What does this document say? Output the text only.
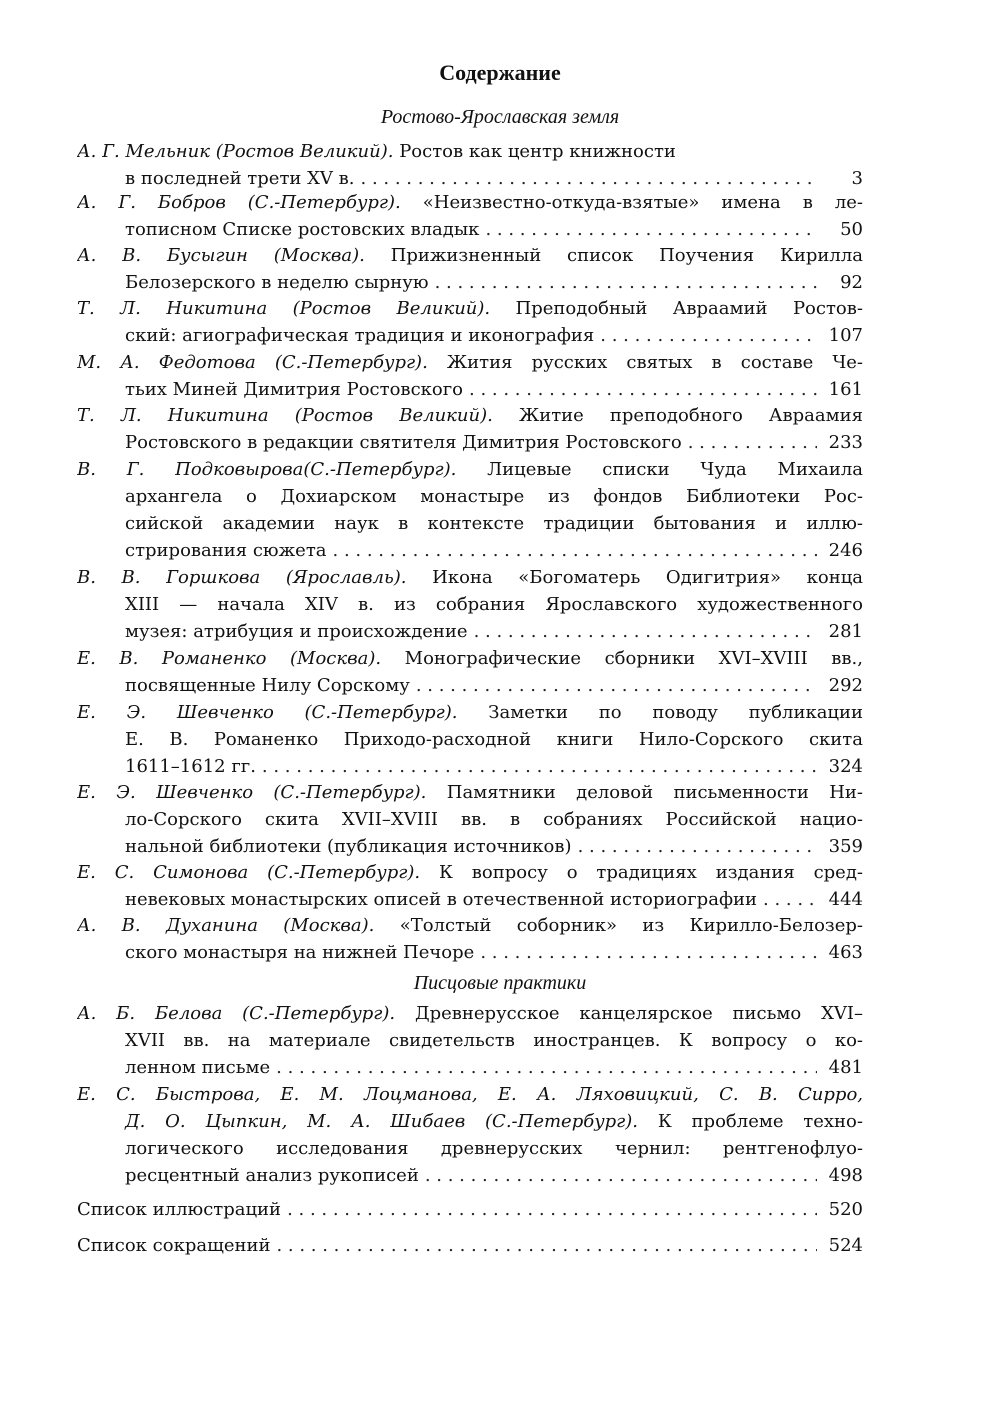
Содержание
Ростово-Ярославская земля
А. Г. Мельник (Ростов Великий). Ростов как центр книжности
в последней трети XV в. . . .	3
А. Г. Бобров (С.-Петербург). «Неизвестно-откуда-взятые» имена в ле-
тописном Списке ростовских владык . . .	50
А. В. Бусыгин (Москва). Прижизненный список Поучения Кирилла
Белозерского в неделю сырную . . .	92
Т. Л. Никитина (Ростов Великий). Преподобный Авраамий Ростов-
ский: агиографическая традиция и иконография . . .	107
М. А. Федотова (С.-Петербург). Жития русских святых в составе Че-
тьих Миней Димитрия Ростовского . . .	161
Т. Л. Никитина (Ростов Великий). Житие преподобного Авраамия
Ростовского в редакции святителя Димитрия Ростовского . . .	233
В. Г. Подковырова(С.-Петербург). Лицевые списки Чуда Михаила
архангела о Дохиарском монастыре из фондов Библиотеки Рос-
сийской академии наук в контексте традиции бытования и иллю-
стрирования сюжета . . .	246
В. В. Горшкова (Ярославль). Икона «Богоматерь Одигитрия» конца
XIII — начала XIV в. из собрания Ярославского художественного
музея: атрибуция и происхождение . . .	281
Е. В. Романенко (Москва). Монографические сборники XVI–XVIII вв.,
посвященные Нилу Сорскому . . .	292
Е. Э. Шевченко (С.-Петербург). Заметки по поводу публикации
Е. В. Романенко Приходо-расходной книги Нило-Сорского скита
1611–1612 гг. . . .	324
Е. Э. Шевченко (С.-Петербург). Памятники деловой письменности Ни-
ло-Сорского скита XVII–XVIII вв. в собраниях Российской нацио-
нальной библиотеки (публикация источников) . . .	359
Е. С. Симонова (С.-Петербург). К вопросу о традициях издания сред-
невековых монастырских описей в отечественной историографии . . .	444
А. В. Духанина (Москва). «Толстый соборник» из Кирилло-Белозер-
ского монастыря на нижней Печоре . . .	463
Писцовые практики
А. Б. Белова (С.-Петербург). Древнерусское канцелярское письмо XVI–
XVII вв. на материале свидетельств иностранцев. К вопросу о ко-
ленном письме . . .	481
Е. С. Быстрова, Е. М. Лоцманова, Е. А. Ляховицкий, С. В. Сирро,
Д. О. Цыпкин, М. А. Шибаев (С.-Петербург). К проблеме техно-
логического исследования древнерусских чернил: рентгенофлуо-
ресцентный анализ рукописей . . .	498
Список иллюстраций . . .	520
Список сокращений . . .	524
